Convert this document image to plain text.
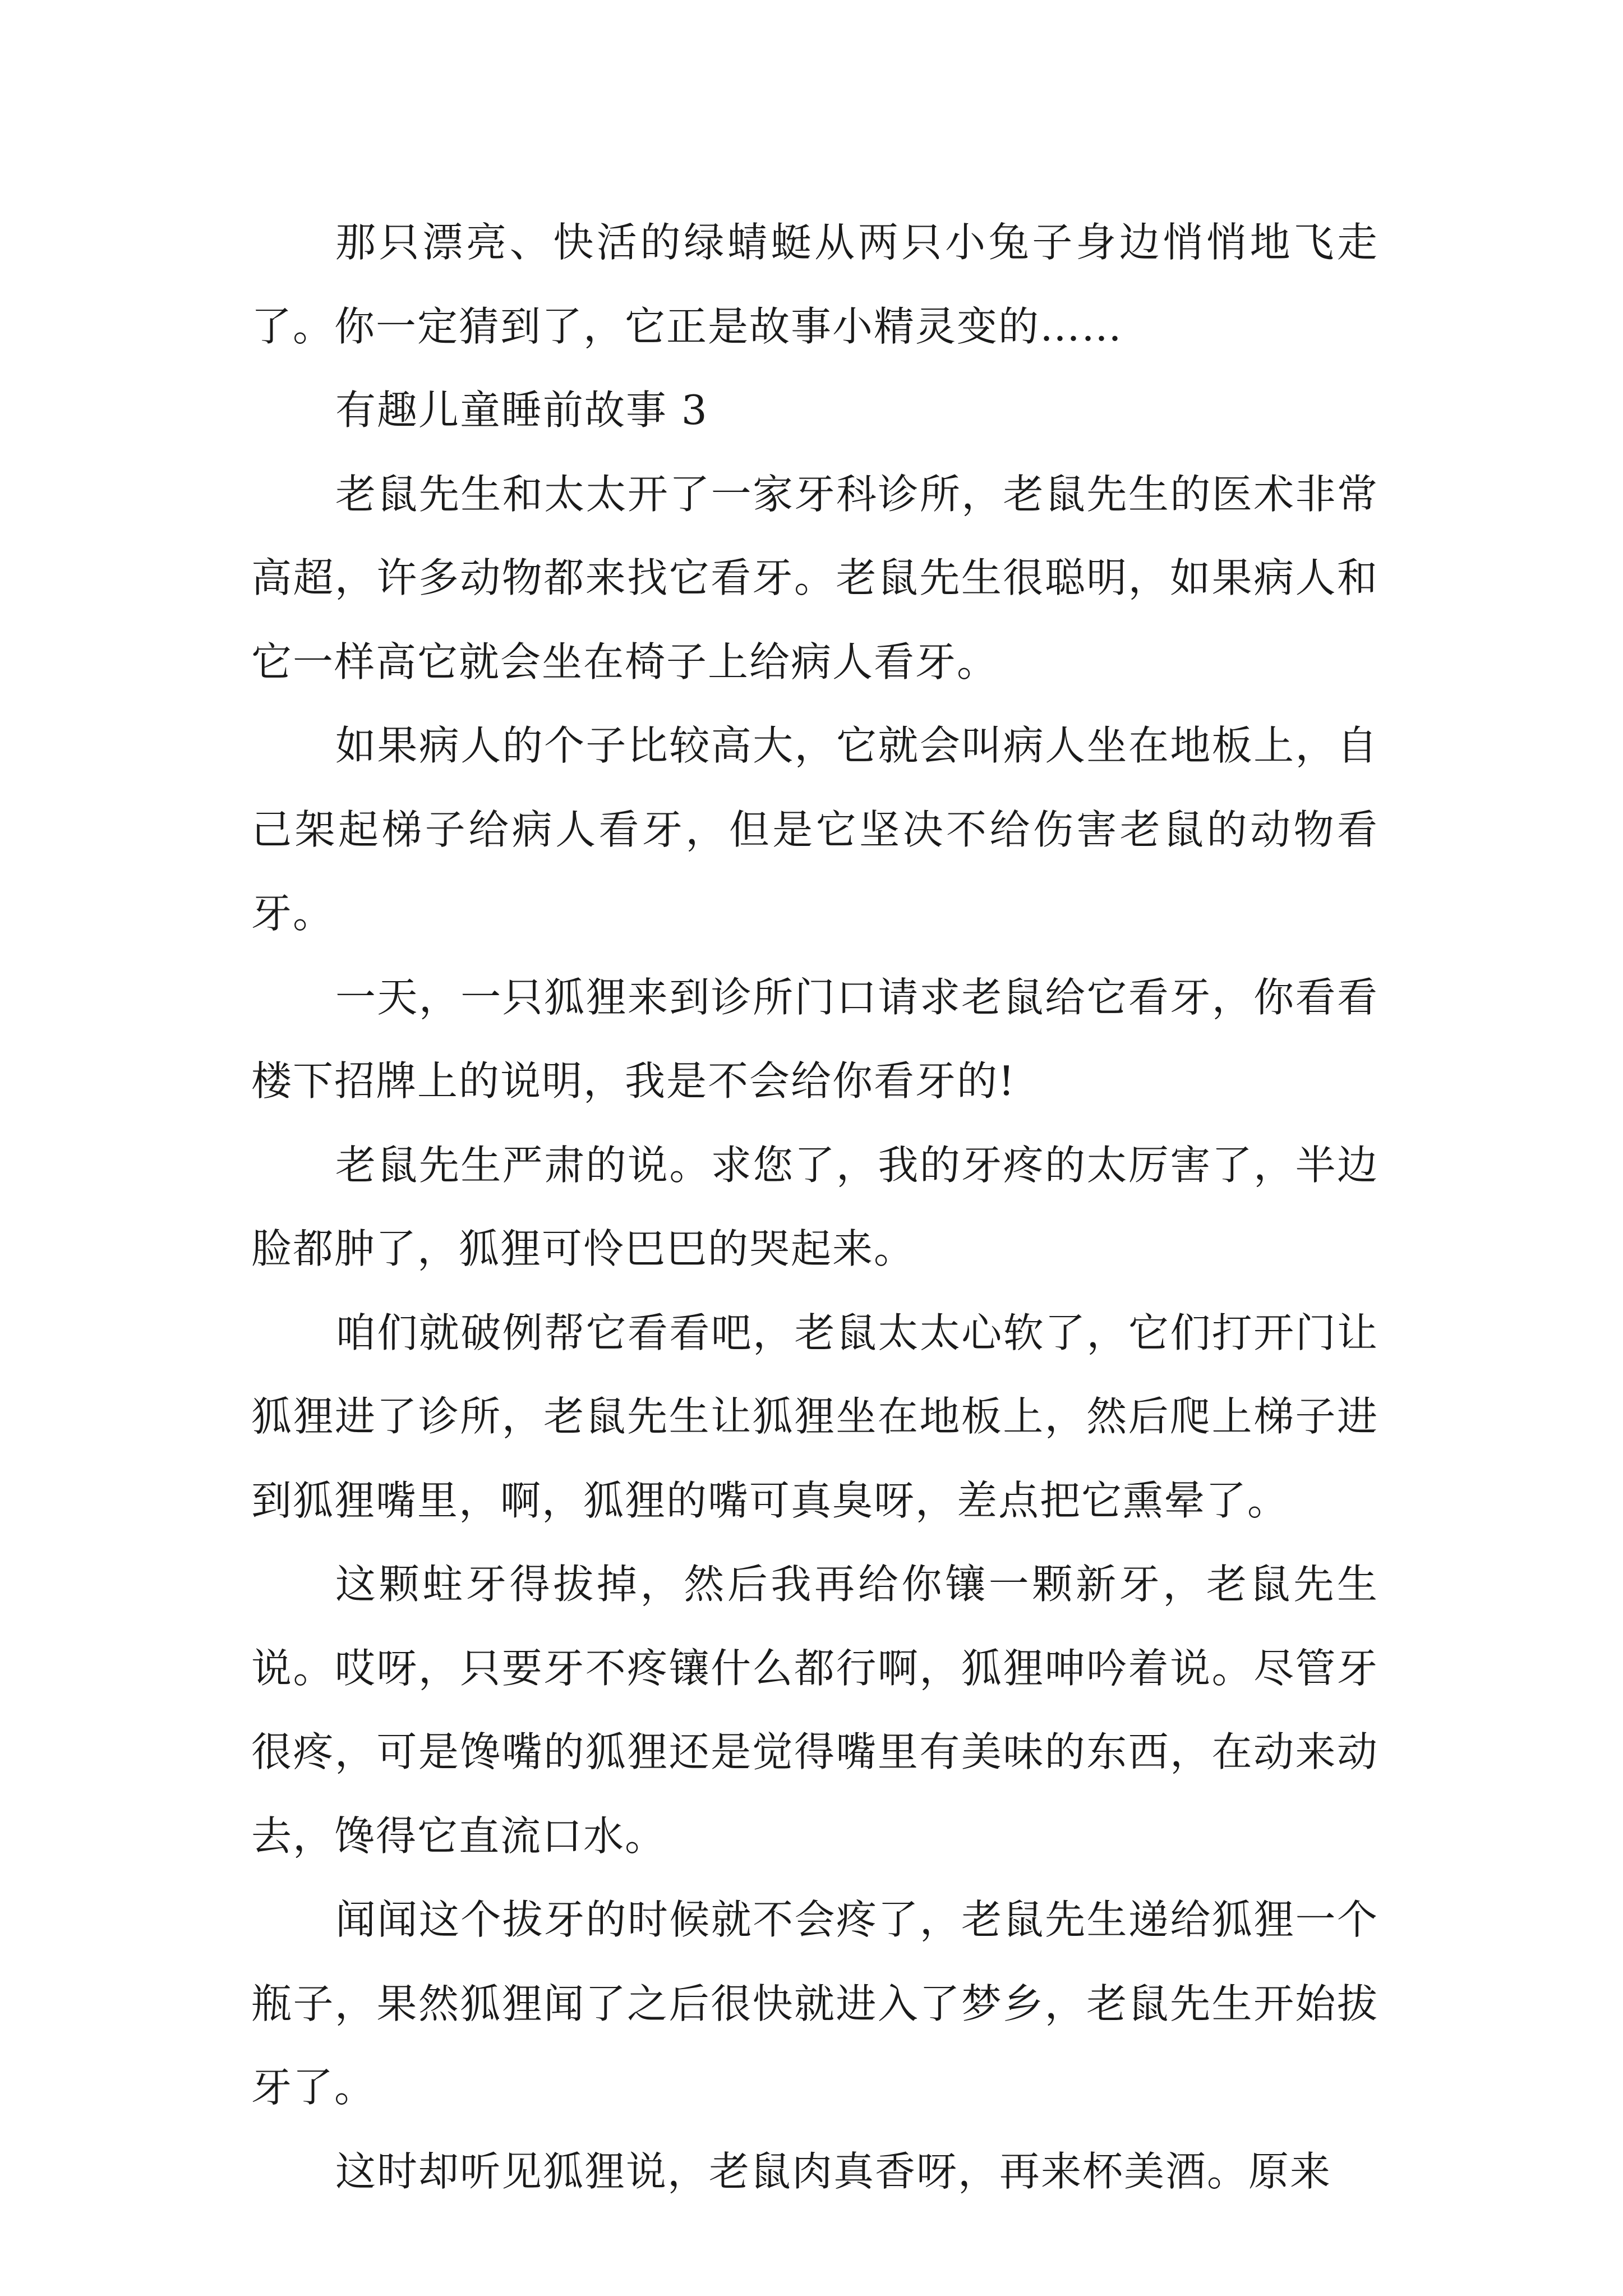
那只漂亮、快活的绿蜻蜓从两只小兔子身边悄悄地飞走了。你一定猜到了，它正是故事小精灵变的……

有趣儿童睡前故事 3

老鼠先生和太太开了一家牙科诊所，老鼠先生的医术非常高超，许多动物都来找它看牙。老鼠先生很聪明，如果病人和它一样高它就会坐在椅子上给病人看牙。

如果病人的个子比较高大，它就会叫病人坐在地板上，自己架起梯子给病人看牙，但是它坚决不给伤害老鼠的动物看牙。

一天，一只狐狸来到诊所门口请求老鼠给它看牙，你看看楼下招牌上的说明，我是不会给你看牙的!

老鼠先生严肃的说。求您了，我的牙疼的太厉害了，半边脸都肿了，狐狸可怜巴巴的哭起来。

咱们就破例帮它看看吧，老鼠太太心软了，它们打开门让狐狸进了诊所，老鼠先生让狐狸坐在地板上，然后爬上梯子进到狐狸嘴里，啊，狐狸的嘴可真臭呀，差点把它熏晕了。

这颗蛀牙得拔掉，然后我再给你镶一颗新牙，老鼠先生说。哎呀，只要牙不疼镶什么都行啊，狐狸呻吟着说。尽管牙很疼，可是馋嘴的狐狸还是觉得嘴里有美味的东西，在动来动去，馋得它直流口水。

闻闻这个拔牙的时候就不会疼了，老鼠先生递给狐狸一个瓶子，果然狐狸闻了之后很快就进入了梦乡，老鼠先生开始拔牙了。

这时却听见狐狸说，老鼠肉真香呀，再来杯美酒。原来
